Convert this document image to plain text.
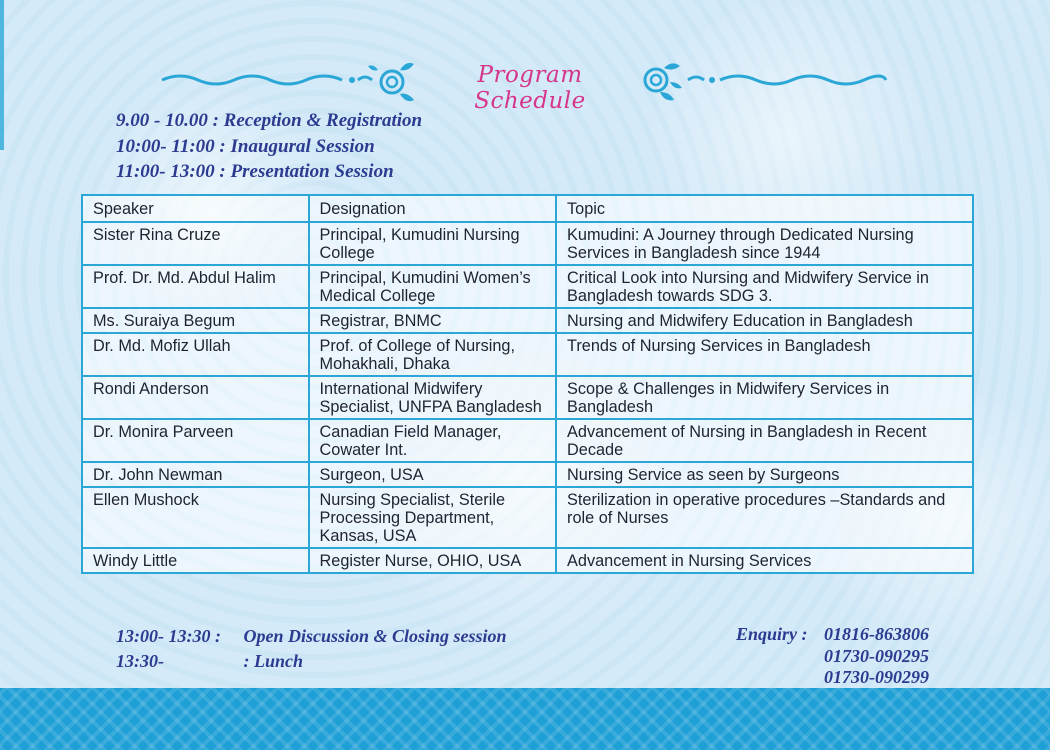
Program Schedule
9.00 - 10.00 : Reception & Registration
10:00- 11:00 : Inaugural Session
11:00- 13:00 : Presentation Session
Speaker	Designation	Topic
Sister Rina Cruze	Principal, Kumudini Nursing College	Kumudini: A Journey through Dedicated Nursing Services in Bangladesh since 1944
Prof. Dr. Md. Abdul Halim	Principal, Kumudini Women’s Medical College	Critical Look into Nursing and Midwifery Service in Bangladesh towards SDG 3.
Ms. Suraiya Begum	Registrar, BNMC	Nursing and Midwifery Education in Bangladesh
Dr. Md. Mofiz Ullah	Prof. of College of Nursing, Mohakhali, Dhaka	Trends of Nursing Services in Bangladesh
Rondi Anderson	International Midwifery Specialist, UNFPA Bangladesh	Scope & Challenges in Midwifery Services in Bangladesh
Dr. Monira Parveen	Canadian Field Manager, Cowater Int.	Advancement of Nursing in Bangladesh in Recent Decade
Dr. John Newman	Surgeon, USA	Nursing Service as seen by Surgeons
Ellen Mushock	Nursing Specialist, Sterile Processing Department, Kansas, USA	Sterilization in operative procedures –Standards and role of Nurses
Windy Little	Register Nurse, OHIO, USA	Advancement in Nursing Services
13:00- 13:30 : Open Discussion & Closing session
13:30-	: Lunch
Enquiry : 01816-863806
01730-090295
01730-090299
